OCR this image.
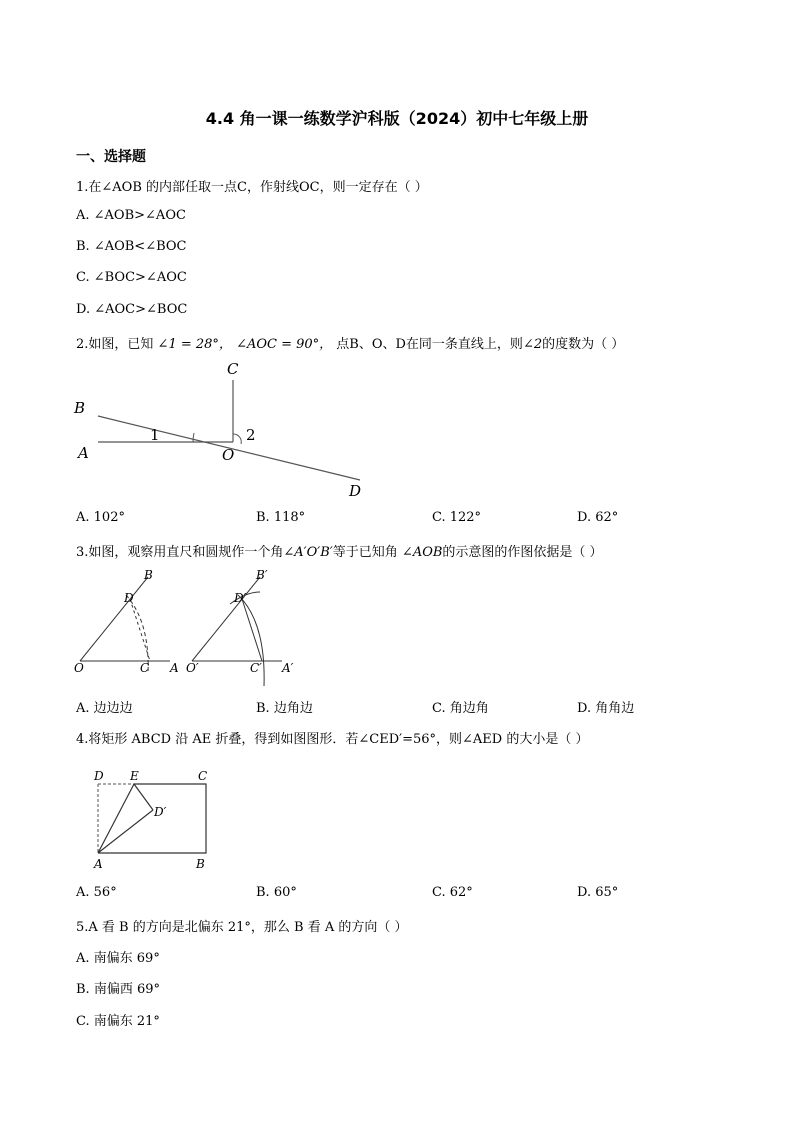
4.4 角一课一练数学沪科版（2024）初中七年级上册
一、选择题
1.在∠AOB 的内部任取一点C，作射线OC，则一定存在（ ）
A. ∠AOB>∠AOC
B. ∠AOB<∠BOC
C. ∠BOC>∠AOC
D. ∠AOC>∠BOC
2.如图，已知 ∠1 = 28°， ∠AOC = 90°， 点B、O、D在同一条直线上，则∠2的度数为（ ）
B
A
C
O
D
1	2
A. 102°	B. 118°	C. 122°	D. 62°
3.如图，观察用直尺和圆规作一个角∠A′O′B′等于已知角 ∠AOB的示意图的作图依据是（ ）
B
D
O	C A
B′
D′
O′	C′ A′
A. 边边边	B. 边角边	C. 角边角	D. 角角边
4.将矩形 ABCD 沿 AE 折叠，得到如图图形．若∠CED′=56°，则∠AED 的大小是（ ）
D E	C
D′
A	B
A. 56°	B. 60°	C. 62°	D. 65°
5.A 看 B 的方向是北偏东 21°，那么 B 看 A 的方向（ ）
A. 南偏东 69°
B. 南偏西 69°
C. 南偏东 21°
